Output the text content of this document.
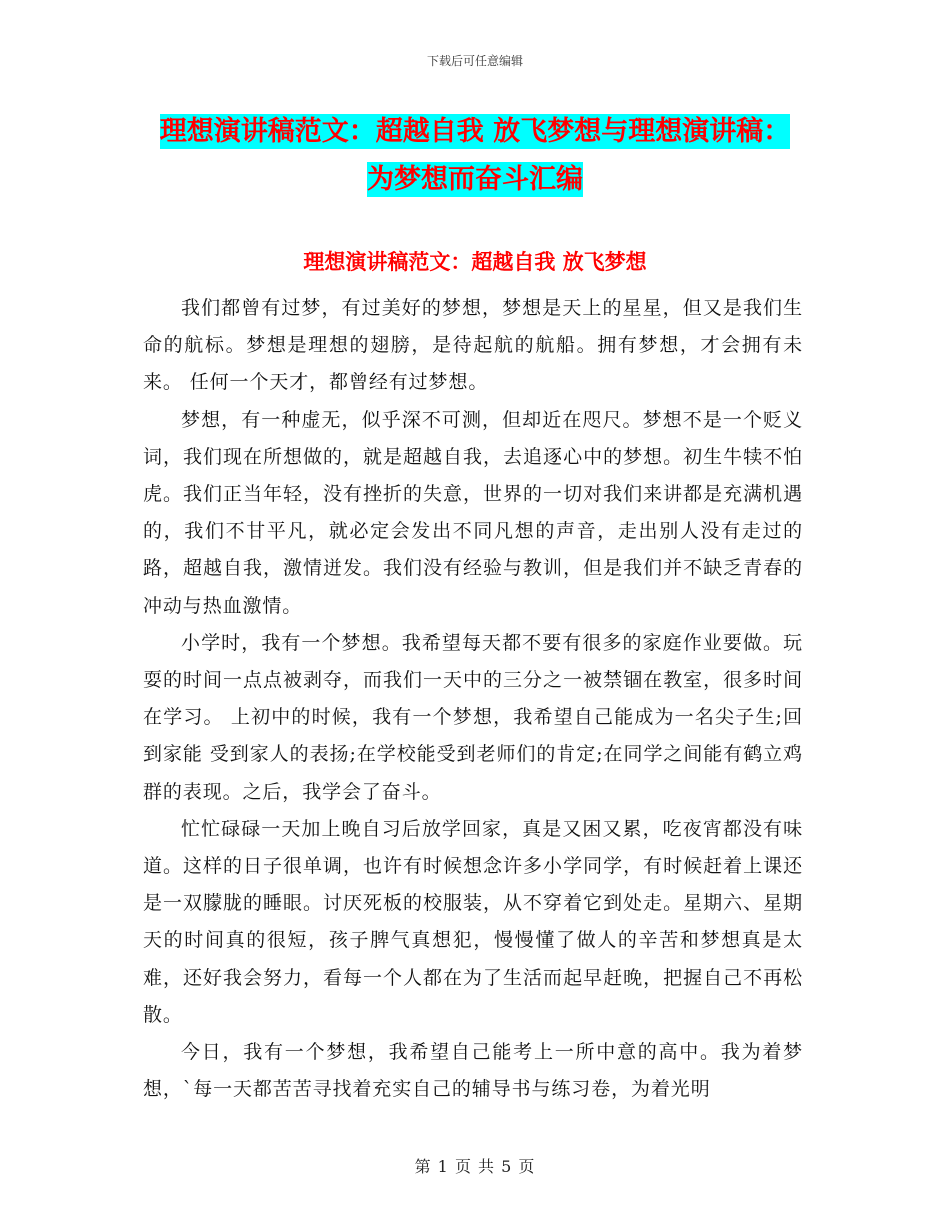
下载后可任意编辑
理想演讲稿范文：超越自我 放飞梦想与理想演讲稿：
为梦想而奋斗汇编
理想演讲稿范文：超越自我 放飞梦想

我们都曾有过梦，有过美好的梦想，梦想是天上的星星，但又是我们生命的航标。梦想是理想的翅膀，是待起航的航船。拥有梦想，才会拥有未来。 任何一个天才，都曾经有过梦想。

梦想，有一种虚无，似乎深不可测，但却近在咫尺。梦想不是一个贬义词，我们现在所想做的，就是超越自我，去追逐心中的梦想。初生牛犊不怕虎。我们正当年轻，没有挫折的失意，世界的一切对我们来讲都是充满机遇的，我们不甘平凡，就必定会发出不同凡想的声音，走出别人没有走过的路，超越自我，激情迸发。我们没有经验与教训，但是我们并不缺乏青春的冲动与热血激情。

小学时，我有一个梦想。我希望每天都不要有很多的家庭作业要做。玩耍的时间一点点被剥夺，而我们一天中的三分之一被禁锢在教室，很多时间在学习。 上初中的时候，我有一个梦想，我希望自己能成为一名尖子生;回到家能 受到家人的表扬;在学校能受到老师们的肯定;在同学之间能有鹤立鸡群的表现。之后，我学会了奋斗。

忙忙碌碌一天加上晚自习后放学回家，真是又困又累，吃夜宵都没有味道。这样的日子很单调，也许有时候想念许多小学同学，有时候赶着上课还是一双朦胧的睡眼。讨厌死板的校服装，从不穿着它到处走。星期六、星期天的时间真的很短，孩子脾气真想犯，慢慢懂了做人的辛苦和梦想真是太难，还好我会努力，看每一个人都在为了生活而起早赶晚，把握自己不再松散。

今日，我有一个梦想，我希望自己能考上一所中意的高中。我为着梦想，`每一天都苦苦寻找着充实自己的辅导书与练习卷，为着光明

第 1 页 共 5 页
